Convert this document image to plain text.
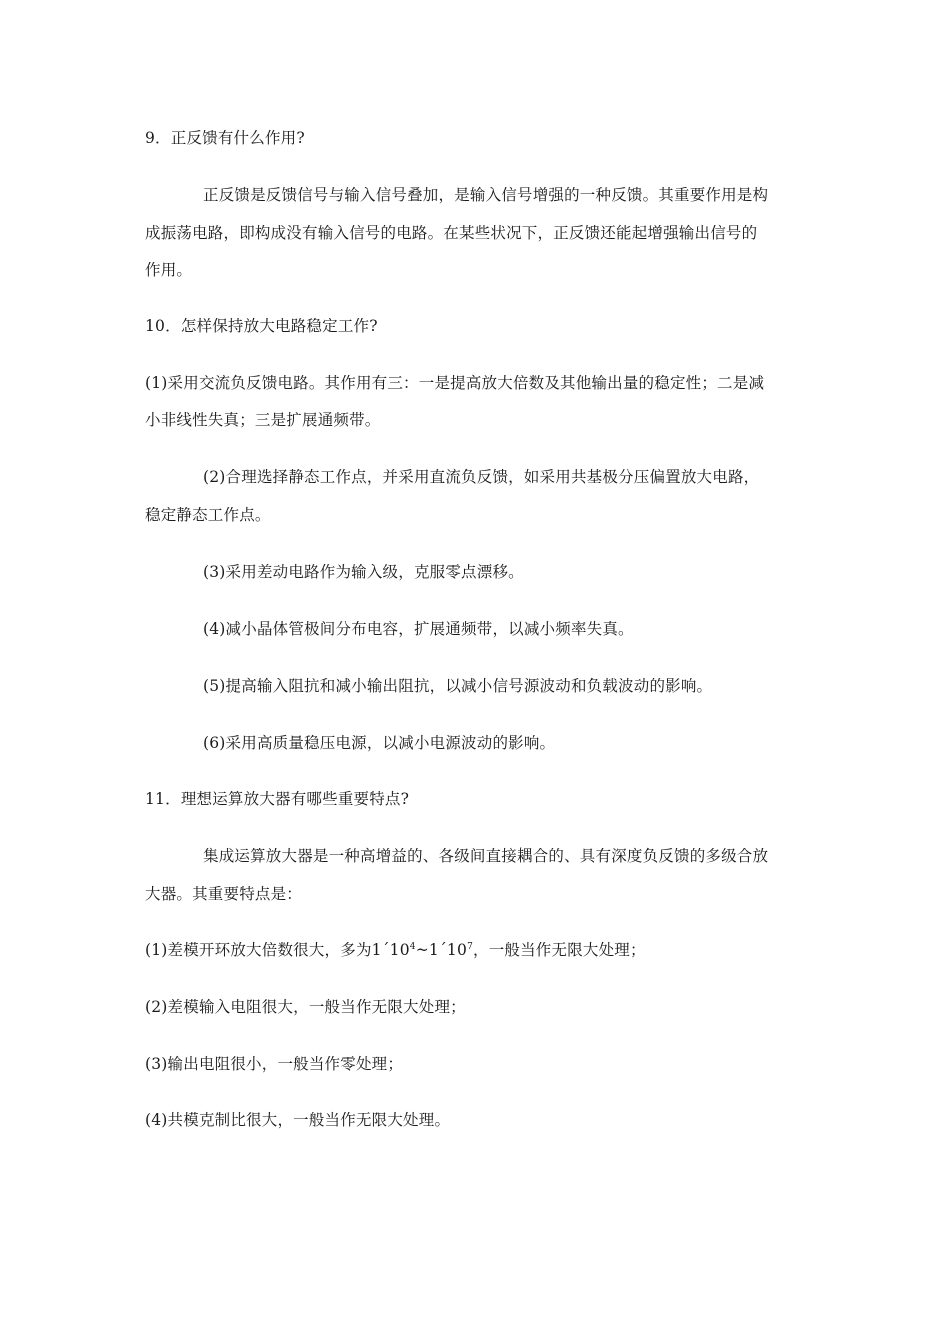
9．正反馈有什么作用?
正反馈是反馈信号与输入信号叠加，是输入信号增强的一种反馈。其重要作用是构
成振荡电路，即构成没有输入信号的电路。在某些状况下，正反馈还能起增强输出信号的
作用。
10．怎样保持放大电路稳定工作?
(1)采用交流负反馈电路。其作用有三：一是提高放大倍数及其他输出量的稳定性；二是减
小非线性失真；三是扩展通频带。
(2)合理选择静态工作点，并采用直流负反馈，如采用共基极分压偏置放大电路，
稳定静态工作点。
(3)采用差动电路作为输入级，克服零点漂移。
(4)减小晶体管极间分布电容，扩展通频带，以减小频率失真。
(5)提高输入阻抗和减小输出阻抗，以减小信号源波动和负载波动的影响。
(6)采用高质量稳压电源，以减小电源波动的影响。
11．理想运算放大器有哪些重要特点?
集成运算放大器是一种高增益的、各级间直接耦合的、具有深度负反馈的多级合放
大器。其重要特点是：
(1)差模开环放大倍数很大，多为$1´10^4\sim 1´10^7$，一般当作无限大处理；
(2)差模输入电阻很大，一般当作无限大处理；
(3)输出电阻很小，一般当作零处理；
(4)共模克制比很大，一般当作无限大处理。
